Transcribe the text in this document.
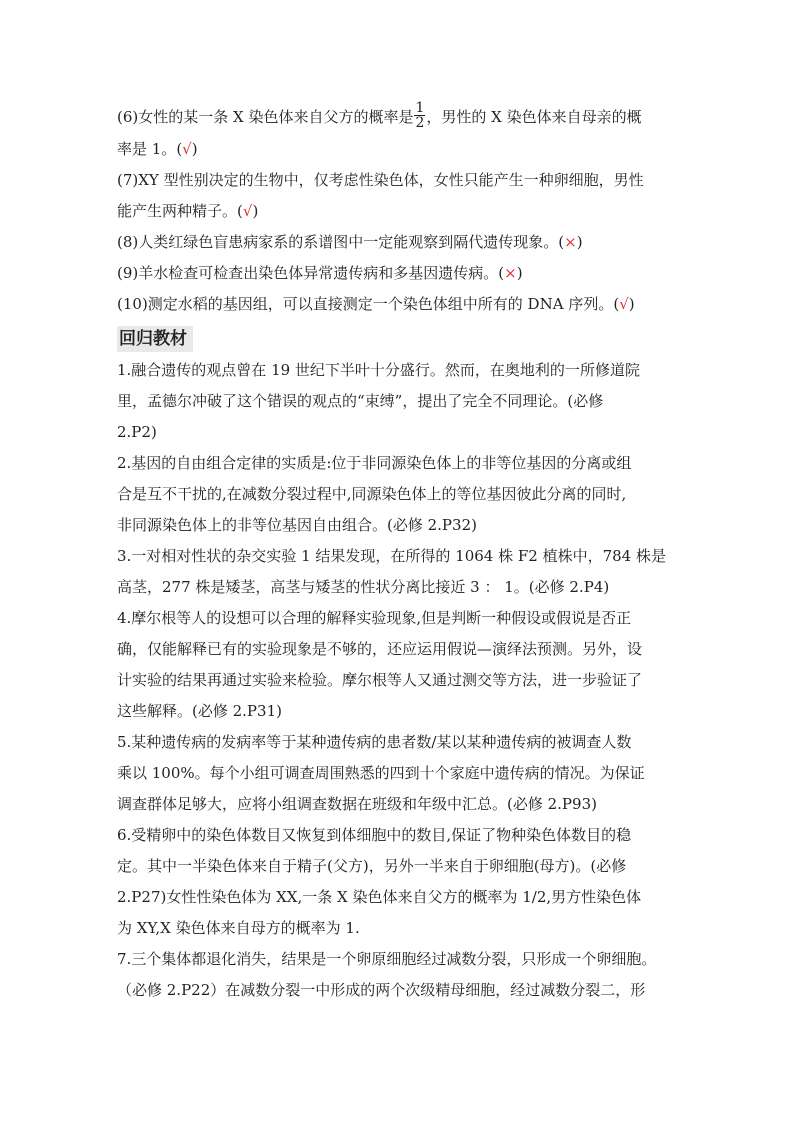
(6)女性的某一条 X 染色体来自父方的概率是 $\frac{1}{2}$ ，男性的 X 染色体来自母亲的概
率是 1。(√)
(7)XY 型性别决定的生物中，仅考虑性染色体，女性只能产生一种卵细胞，男性
能产生两种精子。(√)
(8)人类红绿色盲患病家系的系谱图中一定能观察到隔代遗传现象。(×)
(9)羊水检查可检查出染色体异常遗传病和多基因遗传病。(×)
(10)测定水稻的基因组，可以直接测定一个染色体组中所有的 DNA 序列。(√)
回归教材
1.融合遗传的观点曾在 19 世纪下半叶十分盛行。然而，在奥地利的一所修道院
里，孟德尔冲破了这个错误的观点的“束缚”，提出了完全不同理论。(必修
2.P2)
2.基因的自由组合定律的实质是:位于非同源染色体上的非等位基因的分离或组
合是互不干扰的,在减数分裂过程中,同源染色体上的等位基因彼此分离的同时,
非同源染色体上的非等位基因自由组合。(必修 2.P32)
3.一对相对性状的杂交实验 1 结果发现，在所得的 1064 株 F2 植株中，784 株是
高茎，277 株是矮茎，高茎与矮茎的性状分离比接近 3 ： 1。(必修 2.P4)
4.摩尔根等人的设想可以合理的解释实验现象,但是判断一种假设或假说是否正
确，仅能解释已有的实验现象是不够的，还应运用假说—演绎法预测。另外，设
计实验的结果再通过实验来检验。摩尔根等人又通过测交等方法，进一步验证了
这些解释。(必修 2.P31)
5.某种遗传病的发病率等于某种遗传病的患者数/某以某种遗传病的被调查人数
乘以 100%。每个小组可调查周围熟悉的四到十个家庭中遗传病的情况。为保证
调查群体足够大，应将小组调查数据在班级和年级中汇总。(必修 2.P93)
6.受精卵中的染色体数目又恢复到体细胞中的数目,保证了物种染色体数目的稳
定。其中一半染色体来自于精子(父方)，另外一半来自于卵细胞(母方)。(必修
2.P27)女性性染色体为 XX,一条 X 染色体来自父方的概率为 1/2,男方性染色体
为 XY,X 染色体来自母方的概率为 1.
7.三个集体都退化消失，结果是一个卵原细胞经过减数分裂，只形成一个卵细胞。
（必修 2.P22）在减数分裂一中形成的两个次级精母细胞，经过减数分裂二，形
